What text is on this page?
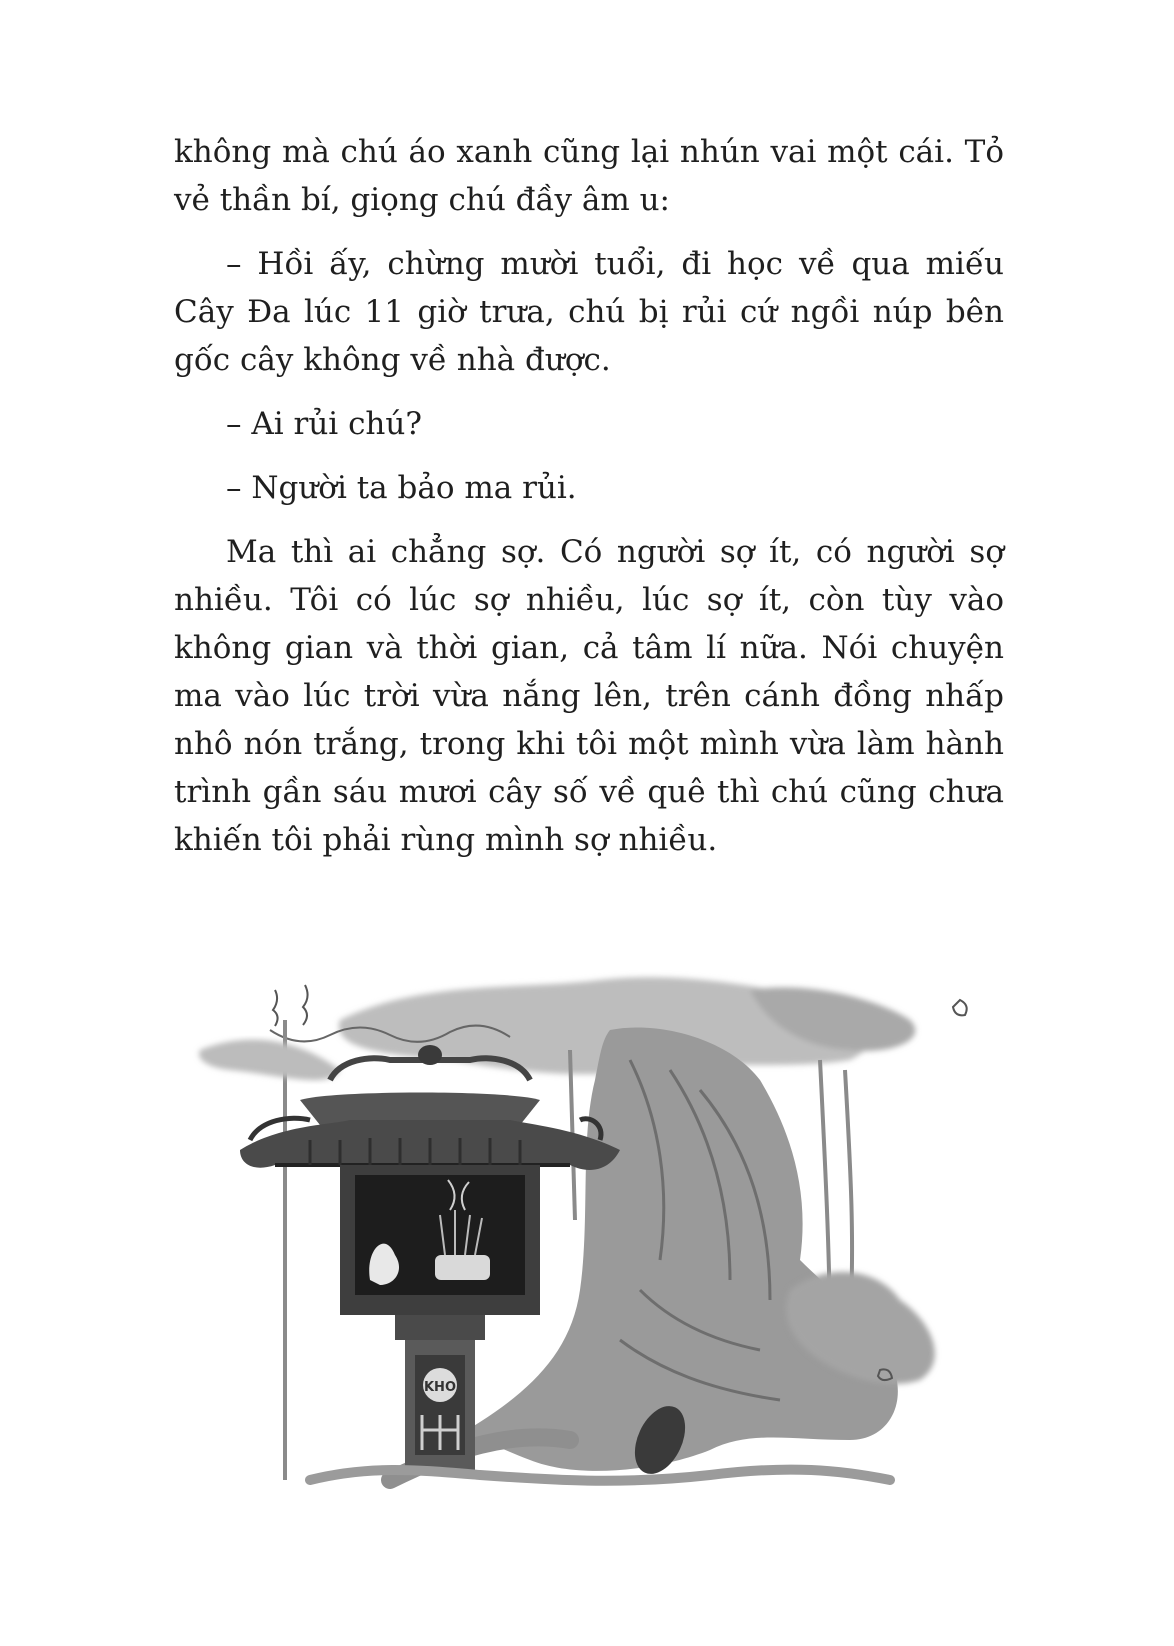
không mà chú áo xanh cũng lại nhún vai một cái. Tỏ vẻ thần bí, giọng chú đầy âm u:

– Hồi ấy, chừng mười tuổi, đi học về qua miếu Cây Đa lúc 11 giờ trưa, chú bị rủi cứ ngồi núp bên gốc cây không về nhà được.

– Ai rủi chú?

– Người ta bảo ma rủi.

Ma thì ai chẳng sợ. Có người sợ ít, có người sợ nhiều. Tôi có lúc sợ nhiều, lúc sợ ít, còn tùy vào không gian và thời gian, cả tâm lí nữa. Nói chuyện ma vào lúc trời vừa nắng lên, trên cánh đồng nhấp nhô nón trắng, trong khi tôi một mình vừa làm hành trình gần sáu mươi cây số về quê thì chú cũng chưa khiến tôi phải rùng mình sợ nhiều.

KHO
